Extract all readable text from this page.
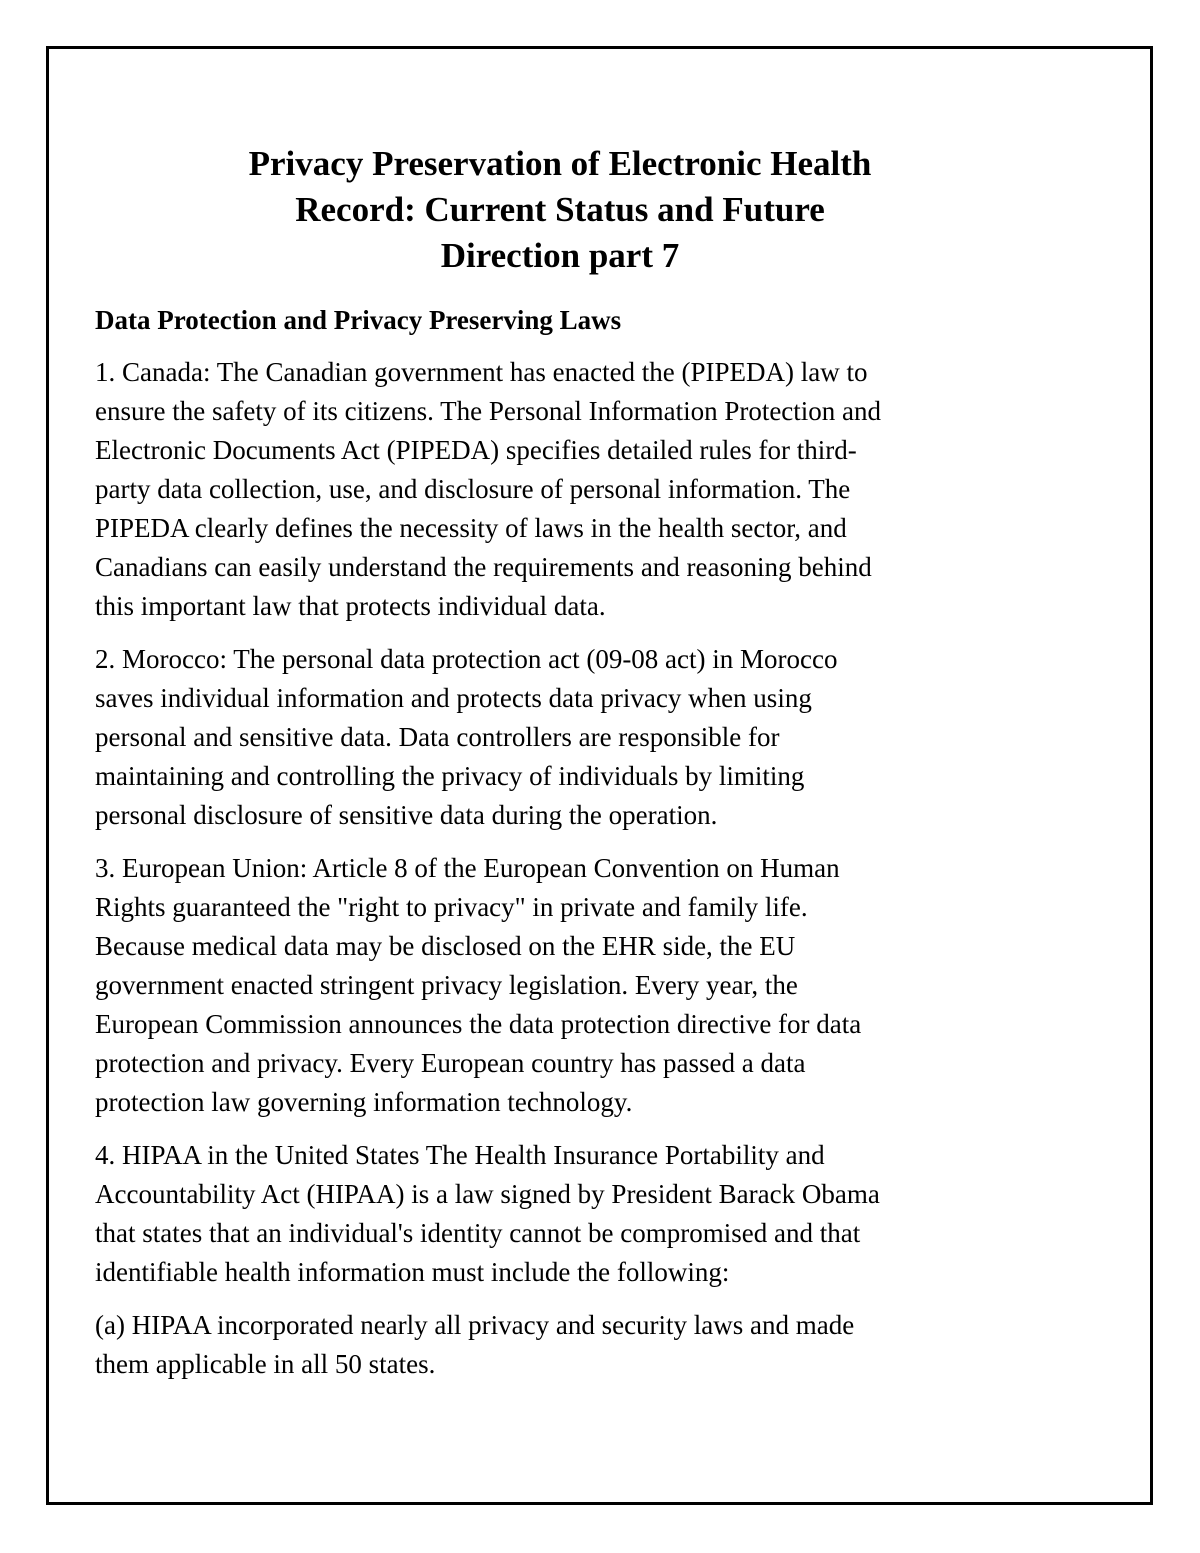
Privacy Preservation of Electronic Health
Record: Current Status and Future
Direction part 7
Data Protection and Privacy Preserving Laws

1. Canada: The Canadian government has enacted the (PIPEDA) law to
ensure the safety of its citizens. The Personal Information Protection and
Electronic Documents Act (PIPEDA) specifies detailed rules for third-
party data collection, use, and disclosure of personal information. The
PIPEDA clearly defines the necessity of laws in the health sector, and
Canadians can easily understand the requirements and reasoning behind
this important law that protects individual data.

2. Morocco: The personal data protection act (09-08 act) in Morocco
saves individual information and protects data privacy when using
personal and sensitive data. Data controllers are responsible for
maintaining and controlling the privacy of individuals by limiting
personal disclosure of sensitive data during the operation.

3. European Union: Article 8 of the European Convention on Human
Rights guaranteed the "right to privacy" in private and family life.
Because medical data may be disclosed on the EHR side, the EU
government enacted stringent privacy legislation. Every year, the
European Commission announces the data protection directive for data
protection and privacy. Every European country has passed a data
protection law governing information technology.

4. HIPAA in the United States The Health Insurance Portability and
Accountability Act (HIPAA) is a law signed by President Barack Obama
that states that an individual's identity cannot be compromised and that
identifiable health information must include the following:

(a) HIPAA incorporated nearly all privacy and security laws and made
them applicable in all 50 states.
